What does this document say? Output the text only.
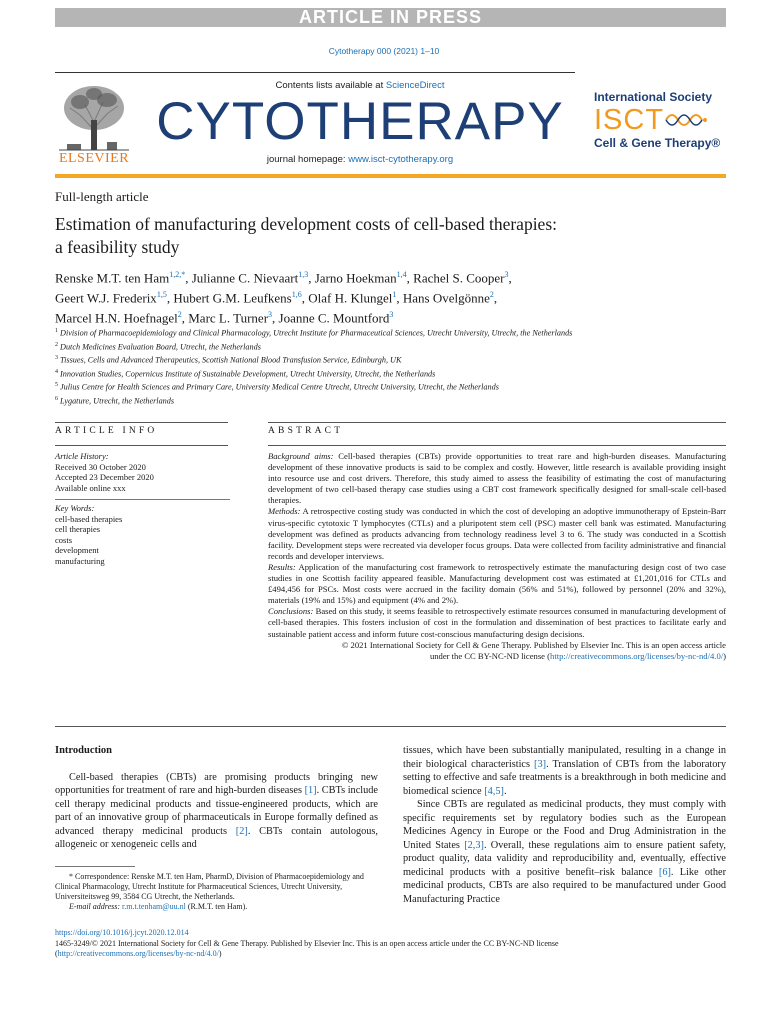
ARTICLE IN PRESS
Cytotherapy 000 (2021) 1–10
ELSEVIER
Contents lists available at ScienceDirect
CYTOTHERAPY
journal homepage: www.isct-cytotherapy.org
International Society
ISCT
Cell & Gene Therapy®
Full-length article
Estimation of manufacturing development costs of cell-based therapies:
a feasibility study
Renske M.T. ten Ham$^{1,2,*}$, Julianne C. Nievaart$^{1,3}$, Jarno Hoekman$^{1,4}$, Rachel S. Cooper$^3$,
Geert W.J. Frederix$^{1,5}$, Hubert G.M. Leufkens$^{1,6}$, Olaf H. Klungel$^1$, Hans Ovelgönne$^2$,
Marcel H.N. Hoefnagel$^2$, Marc L. Turner$^3$, Joanne C. Mountford$^3$
$^1$ Division of Pharmacoepidemiology and Clinical Pharmacology, Utrecht Institute for Pharmaceutical Sciences, Utrecht University, Utrecht, the Netherlands
$^2$ Dutch Medicines Evaluation Board, Utrecht, the Netherlands
$^3$ Tissues, Cells and Advanced Therapeutics, Scottish National Blood Transfusion Service, Edinburgh, UK
$^4$ Innovation Studies, Copernicus Institute of Sustainable Development, Utrecht University, Utrecht, the Netherlands
$^5$ Julius Centre for Health Sciences and Primary Care, University Medical Centre Utrecht, Utrecht University, Utrecht, the Netherlands
$^6$ Lygature, Utrecht, the Netherlands
ARTICLE INFO	ABSTRACT
Article History:
Received 30 October 2020
Accepted 23 December 2020
Available online xxx
Key Words:
cell-based therapies
cell therapies
costs
development
manufacturing
Background aims: Cell-based therapies (CBTs) provide opportunities to treat rare and high-burden diseases. Manufacturing development of these innovative products is said to be complex and costly. However, little research is available providing insight into resource use and cost drivers. Therefore, this study aimed to assess the feasibility of estimating the cost of manufacturing development of two cell-based therapy case studies using a CBT cost framework specifically designed for small-scale cell-based therapies.
Methods: A retrospective costing study was conducted in which the cost of developing an adoptive immunotherapy of Epstein-Barr virus-specific cytotoxic T lymphocytes (CTLs) and a pluripotent stem cell (PSC) master cell bank was estimated. Manufacturing development was defined as products advancing from technology readiness level 3 to 6. The study was conducted in a Scottish facility. Development steps were recreated via developer focus groups. Data were collected from facility administrative and financial records and developer interviews.
Results: Application of the manufacturing cost framework to retrospectively estimate the manufacturing design cost of two case studies in one Scottish facility appeared feasible. Manufacturing development cost was estimated at £1,201,016 for CTLs and £494,456 for PSCs. Most costs were accrued in the facility domain (56% and 51%), followed by personnel (20% and 32%), materials (19% and 15%) and equipment (4% and 2%).
Conclusions: Based on this study, it seems feasible to retrospectively estimate resources consumed in manufacturing development of cell-based therapies. This fosters inclusion of cost in the formulation and dissemination of best practices to facilitate early and sustainable patient access and inform future cost-conscious manufacturing design decisions.
© 2021 International Society for Cell & Gene Therapy. Published by Elsevier Inc. This is an open access article
under the CC BY-NC-ND license (http://creativecommons.org/licenses/by-nc-nd/4.0/)
Introduction

Cell-based therapies (CBTs) are promising products bringing new opportunities for treatment of rare and high-burden diseases [1]. CBTs include cell therapy medicinal products and tissue-engineered products, which are part of an innovative group of pharmaceuticals in Europe formally defined as advanced therapy medicinal products [2]. CBTs contain autologous, allogeneic or xenogeneic cells and

tissues, which have been substantially manipulated, resulting in a change in their biological characteristics [3]. Translation of CBTs from the laboratory setting to effective and safe treatments is a breakthrough in both medicine and biomedical science [4,5].

Since CBTs are regulated as medicinal products, they must comply with specific requirements set by regulatory bodies such as the European Medicines Agency in Europe or the Food and Drug Administration in the United States [2,3]. Overall, these regulations aim to ensure patient safety, product quality, data validity and reproducibility and, eventually, effective medicinal products with a positive benefit–risk balance [6]. Like other medicinal products, CBTs are also required to be manufactured under Good Manufacturing Practice

* Correspondence: Renske M.T. ten Ham, PharmD, Division of Pharmacoepidemiology and Clinical Pharmacology, Utrecht Institute for Pharmaceutical Sciences, Utrecht University, Universiteitsweg 99, 3584 CG Utrecht, the Netherlands.
E-mail address: r.m.t.tenham@uu.nl (R.M.T. ten Ham).
https://doi.org/10.1016/j.jcyt.2020.12.014
1465-3249/© 2021 International Society for Cell & Gene Therapy. Published by Elsevier Inc. This is an open access article under the CC BY-NC-ND license
(http://creativecommons.org/licenses/by-nc-nd/4.0/)
